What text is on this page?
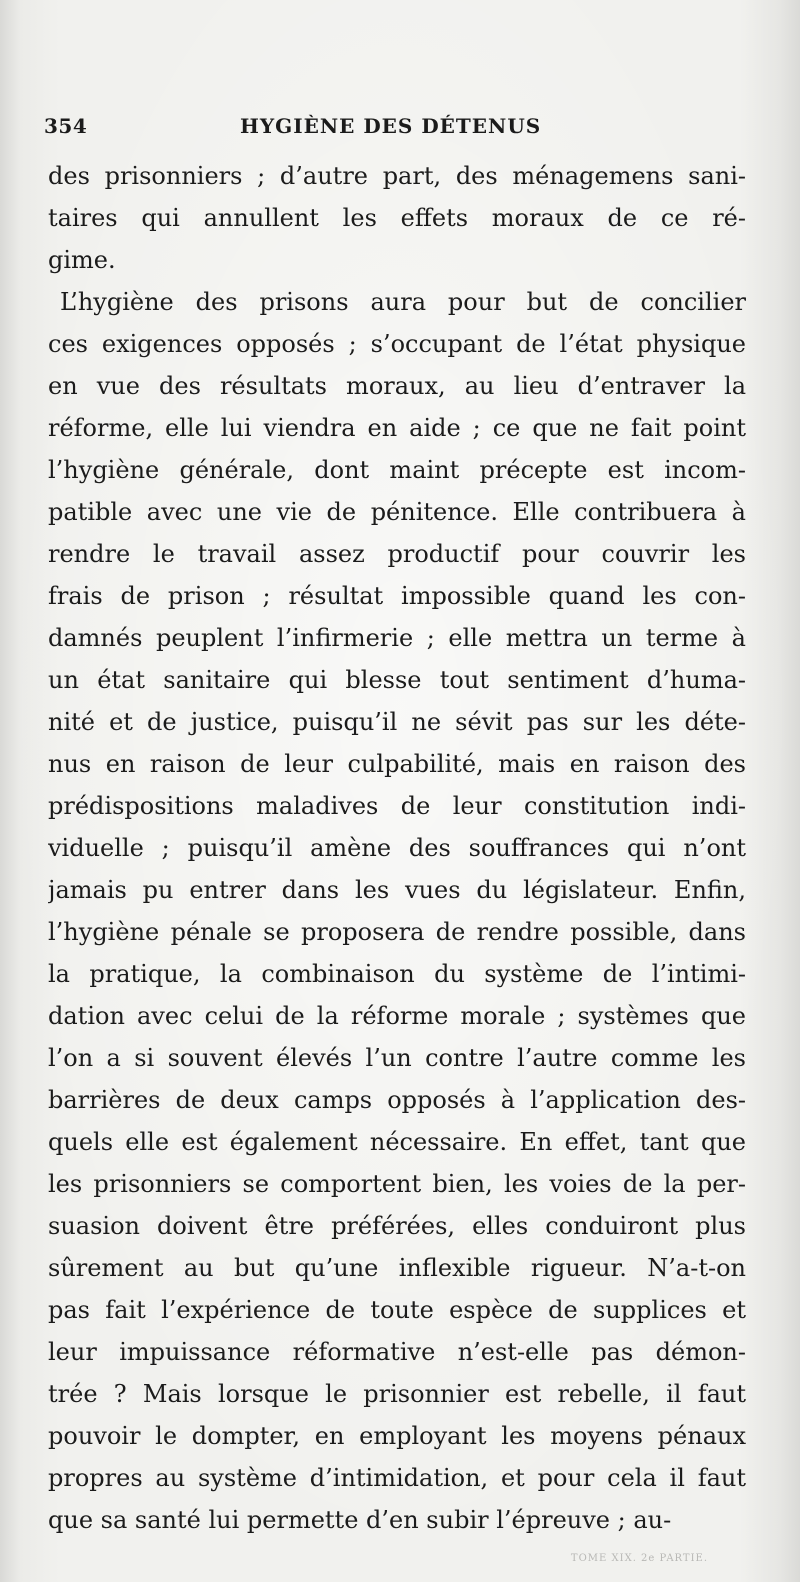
354	HYGIÈNE DES DÉTENUS
des prisonniers ; d’autre part, des ménagemens sani-
taires qui annullent les effets moraux de ce ré-
gime.
L’hygiène des prisons aura pour but de concilier
ces exigences opposés ; s’occupant de l’état physique
en vue des résultats moraux, au lieu d’entraver la
réforme, elle lui viendra en aide ; ce que ne fait point
l’hygiène générale, dont maint précepte est incom-
patible avec une vie de pénitence. Elle contribuera à
rendre le travail assez productif pour couvrir les
frais de prison ; résultat impossible quand les con-
damnés peuplent l’infirmerie ; elle mettra un terme à
un état sanitaire qui blesse tout sentiment d’huma-
nité et de justice, puisqu’il ne sévit pas sur les déte-
nus en raison de leur culpabilité, mais en raison des
prédispositions maladives de leur constitution indi-
viduelle ; puisqu’il amène des souffrances qui n’ont
jamais pu entrer dans les vues du législateur. Enfin,
l’hygiène pénale se proposera de rendre possible, dans
la pratique, la combinaison du système de l’intimi-
dation avec celui de la réforme morale ; systèmes que
l’on a si souvent élevés l’un contre l’autre comme les
barrières de deux camps opposés à l’application des-
quels elle est également nécessaire. En effet, tant que
les prisonniers se comportent bien, les voies de la per-
suasion doivent être préférées, elles conduiront plus
sûrement au but qu’une inflexible rigueur. N’a-t-on
pas fait l’expérience de toute espèce de supplices et
leur impuissance réformative n’est-elle pas démon-
trée ? Mais lorsque le prisonnier est rebelle, il faut
pouvoir le dompter, en employant les moyens pénaux
propres au système d’intimidation, et pour cela il faut
que sa santé lui permette d’en subir l’épreuve ; au-
TOME XIX. 2e PARTIE.
